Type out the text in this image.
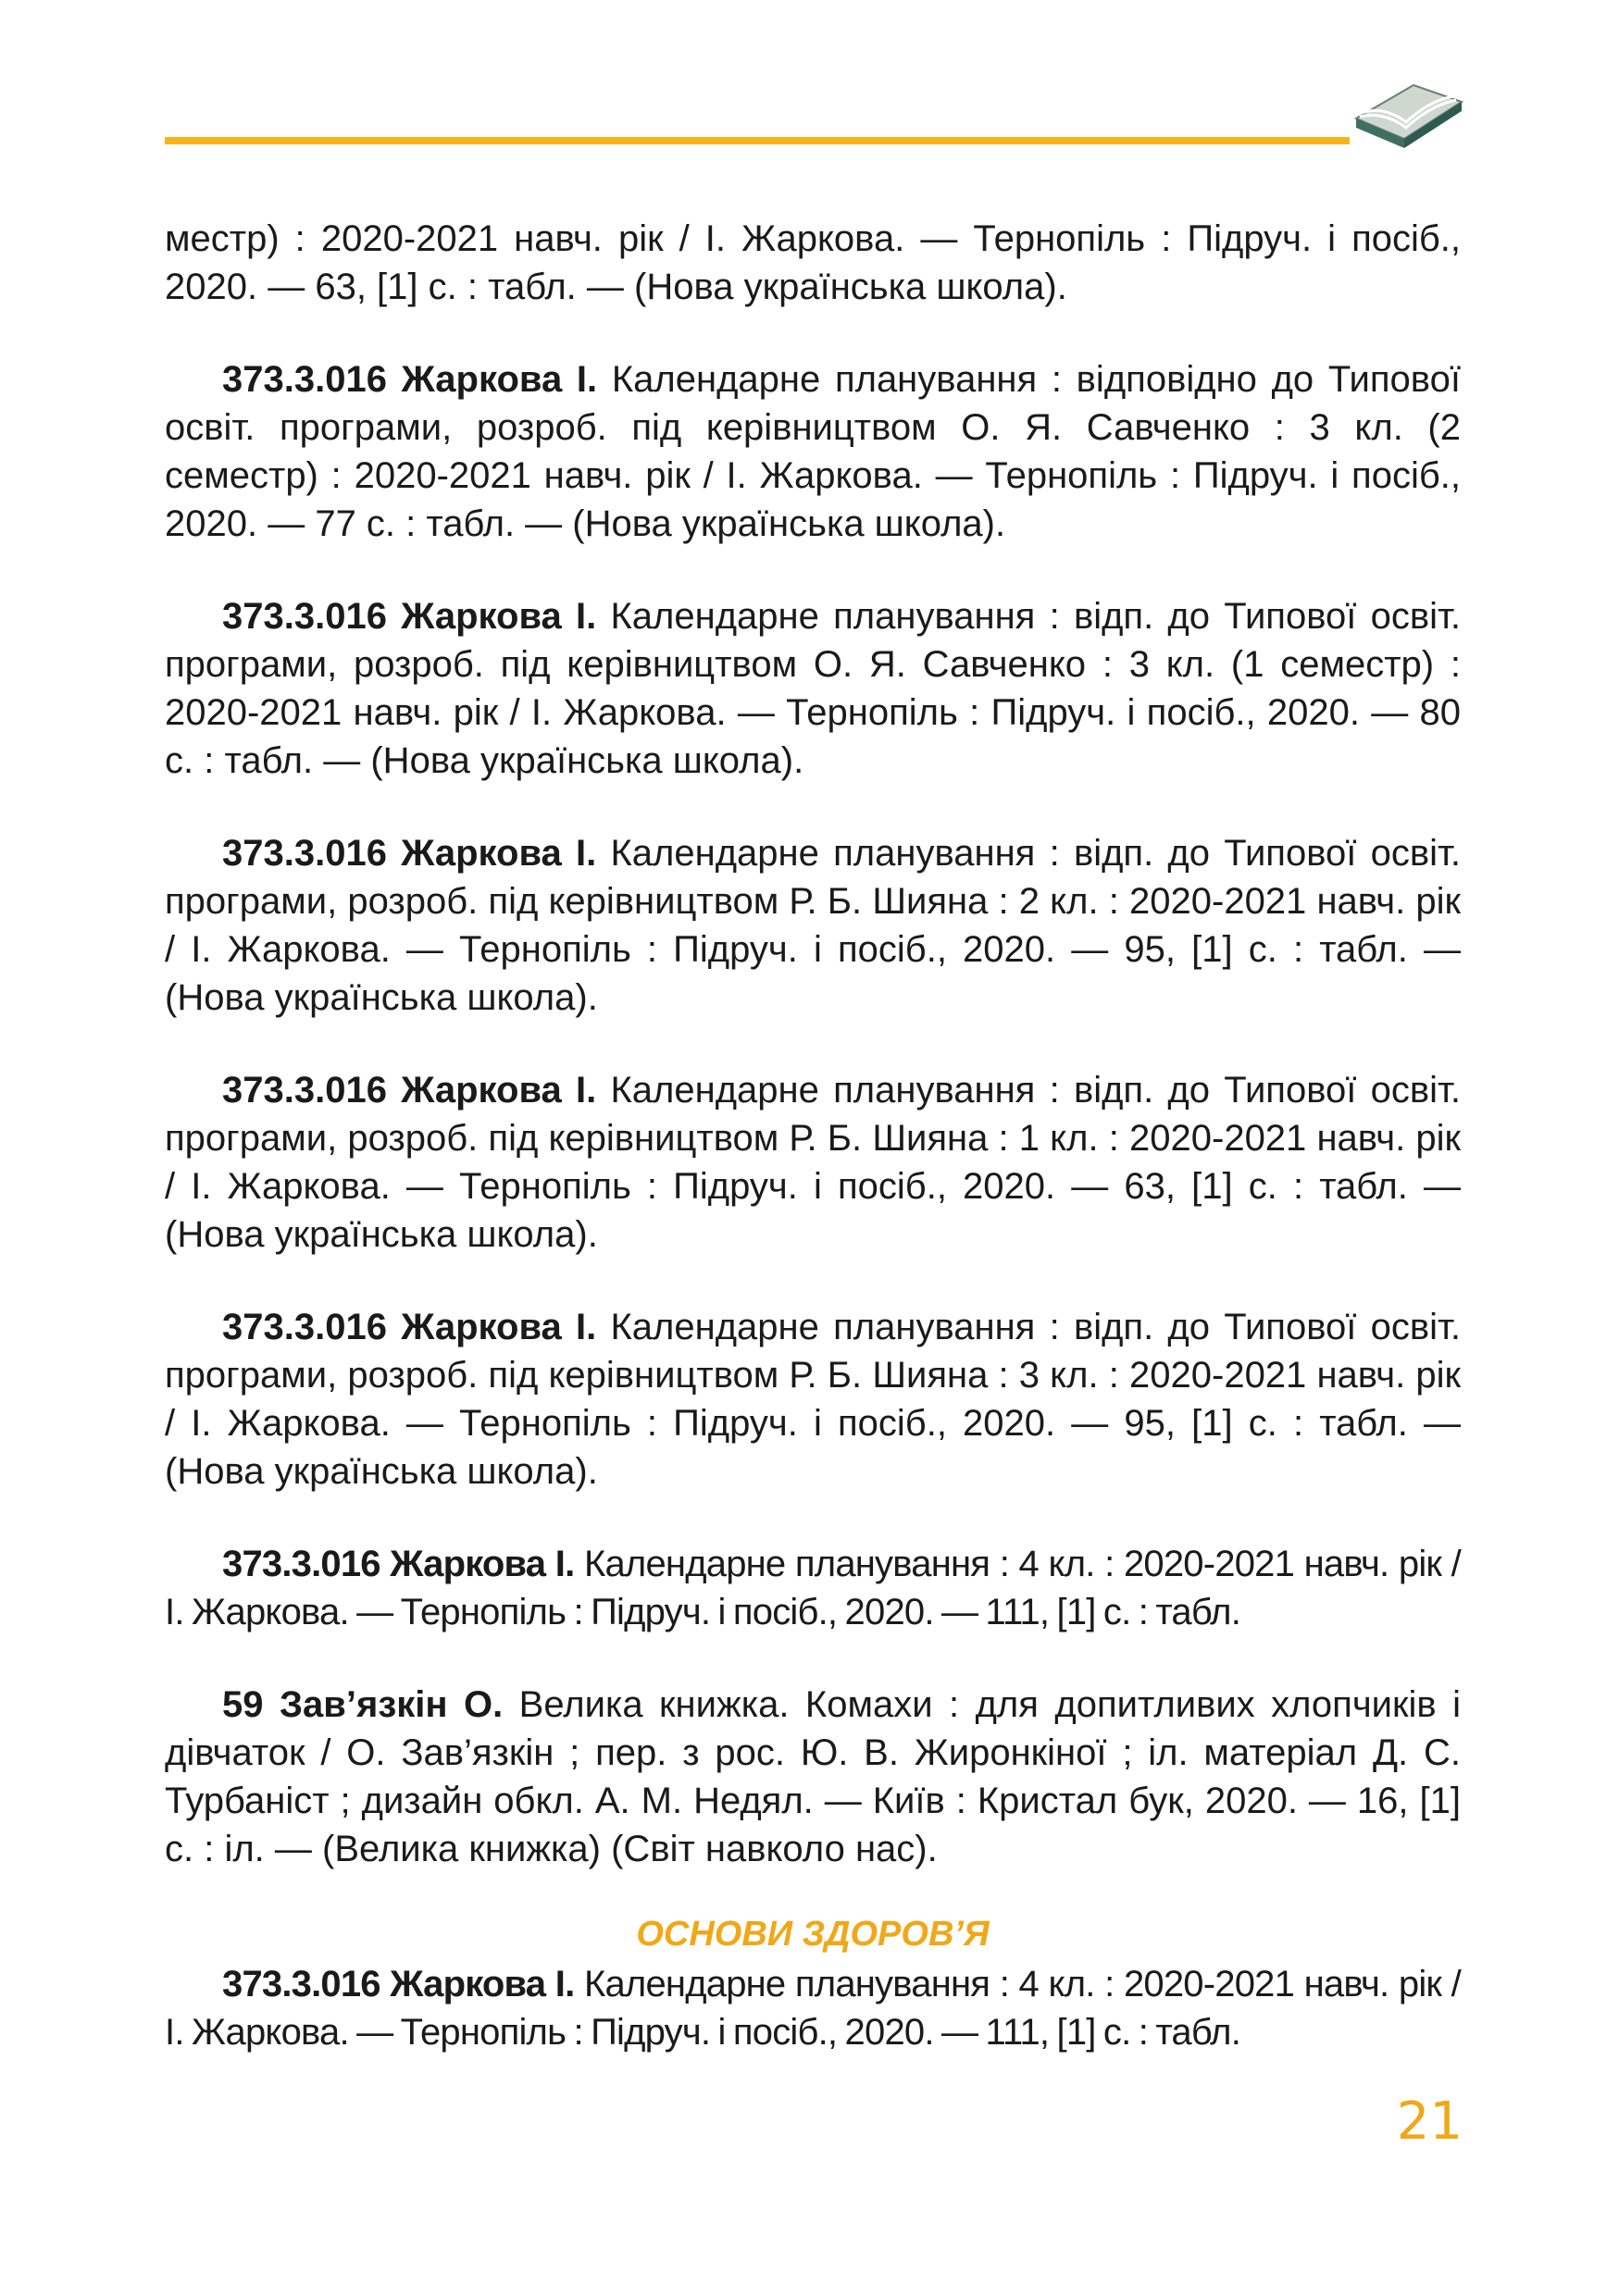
местр) : 2020-2021 навч. рік / І. Жаркова. — Тернопіль : Підруч. і посіб., 2020. — 63, [1] с. : табл. — (Нова українська школа).

373.3.016 Жаркова І. Календарне планування : відповідно до Типової освіт. програми, розроб. під керівництвом О. Я. Савченко : 3 кл. (2 семестр) : 2020-2021 навч. рік / І. Жаркова. — Тернопіль : Підруч. і посіб., 2020. — 77 с. : табл. — (Нова українська школа).

373.3.016 Жаркова І. Календарне планування : відп. до Типової освіт. програми, розроб. під керівництвом О. Я. Савченко : 3 кл. (1 семестр) : 2020-2021 навч. рік / І. Жаркова. — Тернопіль : Підруч. і посіб., 2020. — 80 с. : табл. — (Нова українська школа).

373.3.016 Жаркова І. Календарне планування : відп. до Типової освіт. програми, розроб. під керівництвом Р. Б. Шияна : 2 кл. : 2020-2021 навч. рік / І. Жаркова. — Тернопіль : Підруч. і посіб., 2020. — 95, [1] с. : табл. — (Нова українська школа).

373.3.016 Жаркова І. Календарне планування : відп. до Типової освіт. програми, розроб. під керівництвом Р. Б. Шияна : 1 кл. : 2020-2021 навч. рік / І. Жаркова. — Тернопіль : Підруч. і посіб., 2020. — 63, [1] с. : табл. — (Нова українська школа).

373.3.016 Жаркова І. Календарне планування : відп. до Типової освіт. програми, розроб. під керівництвом Р. Б. Шияна : 3 кл. : 2020-2021 навч. рік / І. Жаркова. — Тернопіль : Підруч. і посіб., 2020. — 95, [1] с. : табл. — (Нова українська школа).

373.3.016 Жаркова І. Календарне планування : 4 кл. : 2020-2021 навч. рік / І. Жаркова. — Тернопіль : Підруч. і посіб., 2020. — 111, [1] с. : табл.

59 Зав’язкін О. Велика книжка. Комахи : для допитливих хлопчиків і дівчаток / О. Зав’язкін ; пер. з рос. Ю. В. Жиронкіної ; іл. матеріал Д. С. Турбаніст ; дизайн обкл. А. М. Недял. — Київ : Кристал бук, 2020. — 16, [1] с. : іл. — (Велика книжка) (Світ навколо нас).

ОСНОВИ ЗДОРОВ’Я

373.3.016 Жаркова І. Календарне планування : 4 кл. : 2020-2021 навч. рік / І. Жаркова. — Тернопіль : Підруч. і посіб., 2020. — 111, [1] с. : табл.

21
